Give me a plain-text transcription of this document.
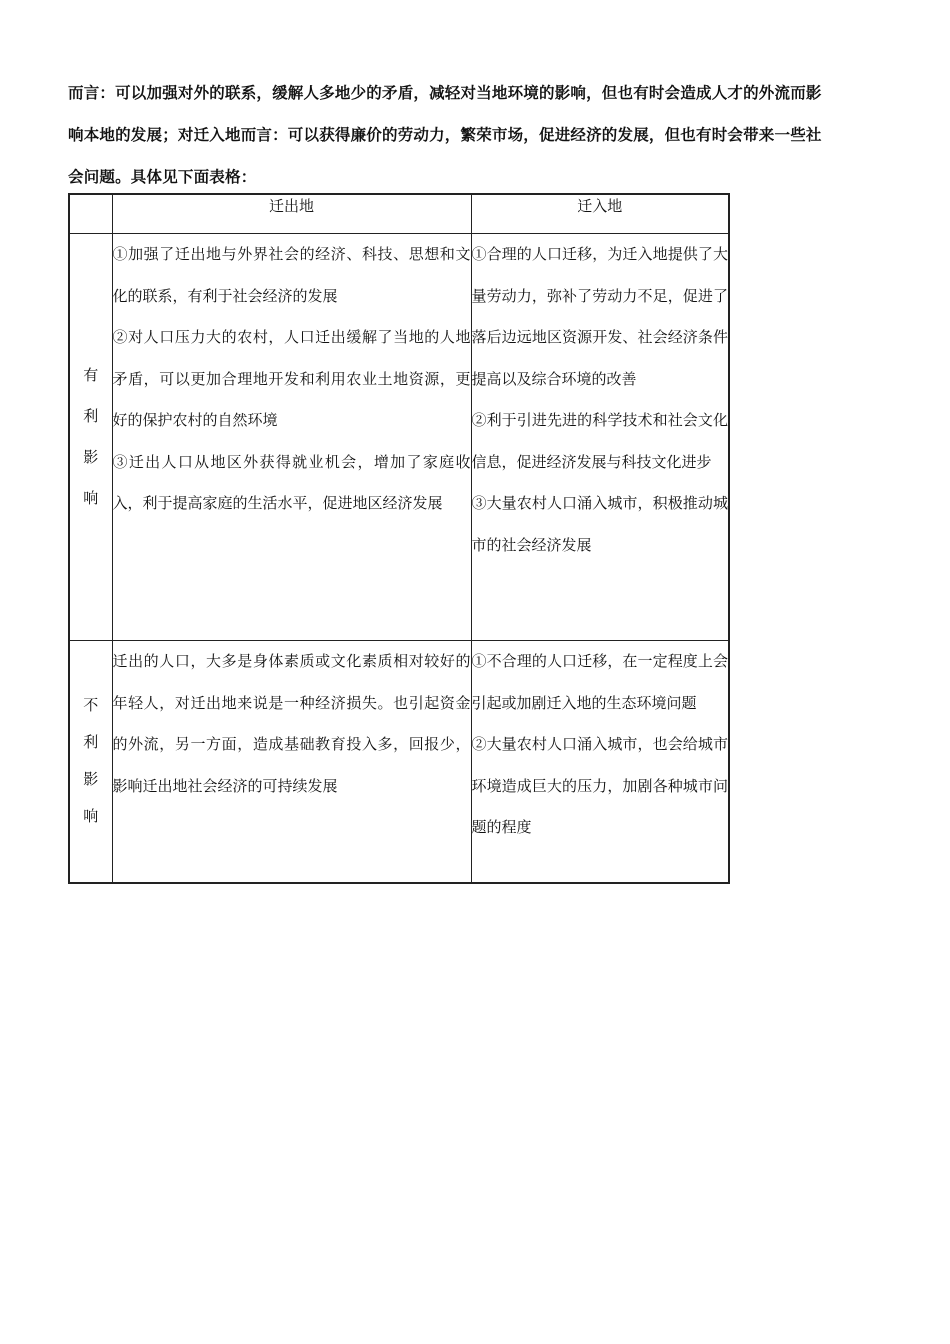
而言：可以加强对外的联系，缓解人多地少的矛盾，减轻对当地环境的影响，但也有时会造成人才的外流而影
响本地的发展；对迁入地而言：可以获得廉价的劳动力，繁荣市场，促进经济的发展，但也有时会带来一些社
会问题。具体见下面表格：
	迁出地	迁入地

有
利
影
响	①加强了迁出地与外界社会的经济、科技、思想和文化的联系，有利于社会经济的发展
②对人口压力大的农村，人口迁出缓解了当地的人地矛盾，可以更加合理地开发和利用农业土地资源，更好的保护农村的自然环境
③迁出人口从地区外获得就业机会，增加了家庭收入，利于提高家庭的生活水平，促进地区经济发展	①合理的人口迁移，为迁入地提供了大量劳动力，弥补了劳动力不足，促进了落后边远地区资源开发、社会经济条件提高以及综合环境的改善
②利于引进先进的科学技术和社会文化信息，促进经济发展与科技文化进步
③大量农村人口涌入城市，积极推动城市的社会经济发展

不
利
影
响	迁出的人口，大多是身体素质或文化素质相对较好的年轻人，对迁出地来说是一种经济损失。也引起资金的外流，另一方面，造成基础教育投入多，回报少，影响迁出地社会经济的可持续发展	①不合理的人口迁移，在一定程度上会引起或加剧迁入地的生态环境问题
②大量农村人口涌入城市，也会给城市环境造成巨大的压力，加剧各种城市问题的程度
